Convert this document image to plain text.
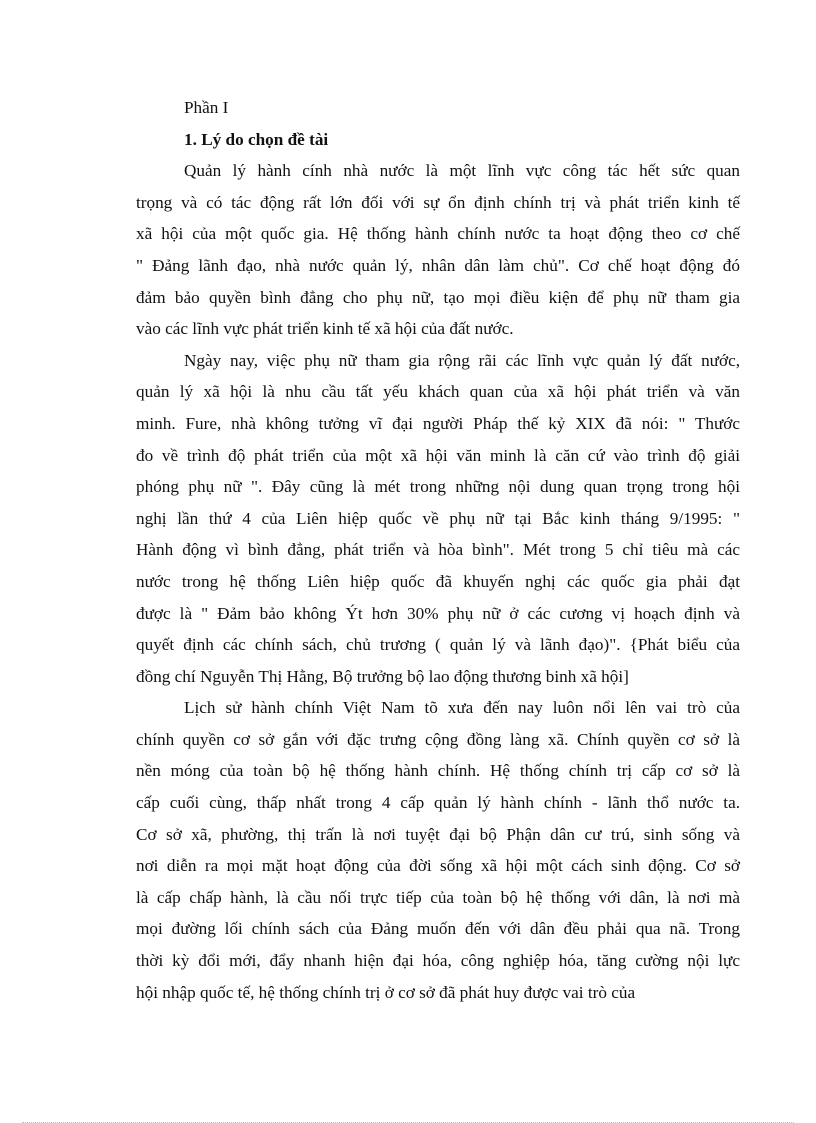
Phần I
1. Lý do chọn đề tài
Quản lý hành cính nhà nước là một lĩnh vực công tác hết sức quan
trọng và có tác động rất lớn đối với sự ổn định chính trị và phát triển kinh tế
xã hội của một quốc gia. Hệ thống hành chính nước ta hoạt động theo cơ chế
" Đảng lãnh đạo, nhà nước quản lý, nhân dân làm chủ". Cơ chế hoạt động đó
đảm bảo quyền bình đẳng cho phụ nữ, tạo mọi điều kiện để phụ nữ tham gia
vào các lĩnh vực phát triển kinh tế xã hội của đất nước.
Ngày nay, việc phụ nữ tham gia rộng rãi các lĩnh vực quản lý đất nước,
quản lý xã hội là nhu cầu tất yếu khách quan của xã hội phát triển và văn
minh. Fure, nhà không tưởng vĩ đại người Pháp thế kỷ XIX đã nói: " Thước
đo về trình độ phát triển của một xã hội văn minh là căn cứ vào trình độ giải
phóng phụ nữ ". Đây cũng là mét trong những nội dung quan trọng trong hội
nghị lần thứ 4 của Liên hiệp quốc về phụ nữ tại Bắc kinh tháng 9/1995: "
Hành động vì bình đẳng, phát triển và hòa bình". Mét trong 5 chỉ tiêu mà các
nước trong hệ thống Liên hiệp quốc đã khuyến nghị các quốc gia phải đạt
được là " Đảm bảo không Ýt hơn 30% phụ nữ ở các cương vị hoạch định và
quyết định các chính sách, chủ trương ( quản lý và lãnh đạo)". {Phát biểu của
đồng chí Nguyễn Thị Hằng, Bộ trưởng bộ lao động thương binh xã hội]
Lịch sử hành chính Việt Nam tõ xưa đến nay luôn nổi lên vai trò của
chính quyền cơ sở gắn với đặc trưng cộng đồng làng xã. Chính quyền cơ sở là
nền móng của toàn bộ hệ thống hành chính. Hệ thống chính trị cấp cơ sở là
cấp cuối cùng, thấp nhất trong 4 cấp quản lý hành chính - lãnh thổ nước ta.
Cơ sở xã, phường, thị trấn là nơi tuyệt đại bộ Phận dân cư trú, sinh sống và
nơi diễn ra mọi mặt hoạt động của đời sống xã hội một cách sinh động. Cơ sở
là cấp chấp hành, là cầu nối trực tiếp của toàn bộ hệ thống với dân, là nơi mà
mọi đường lối chính sách của Đảng muốn đến với dân đều phải qua nã. Trong
thời kỳ đổi mới, đẩy nhanh hiện đại hóa, công nghiệp hóa, tăng cường nội lực
hội nhập quốc tế, hệ thống chính trị ở cơ sở đã phát huy được vai trò của
